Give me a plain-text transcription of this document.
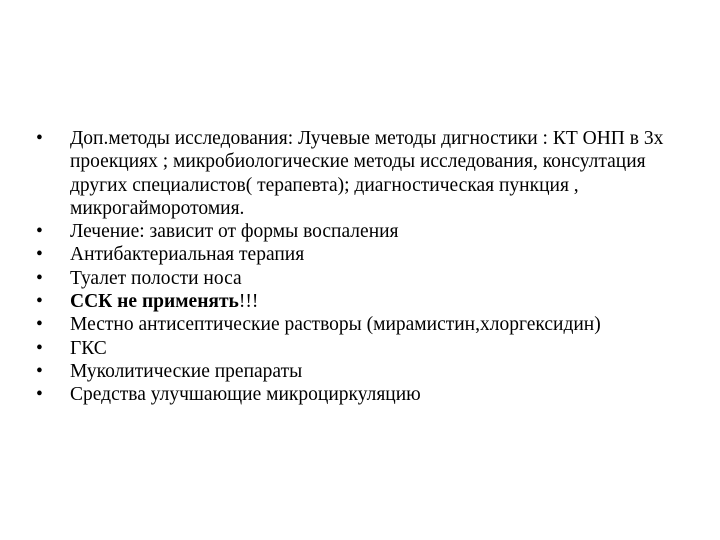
•	Доп.методы исследования: Лучевые методы дигностики : КТ ОНП в 3х проекциях ; микробиологические методы исследования, консултация других специалистов( терапевта); диагностическая пункция , микрогайморотомия.
•	Лечение: зависит от формы воспаления
•	Антибактериальная терапия
•	Туалет полости носа
•	ССК не применять!!!
•	Местно антисептические растворы (мирамистин,хлоргексидин)
•	ГКС
•	Муколитические препараты
•	Средства улучшающие микроциркуляцию
